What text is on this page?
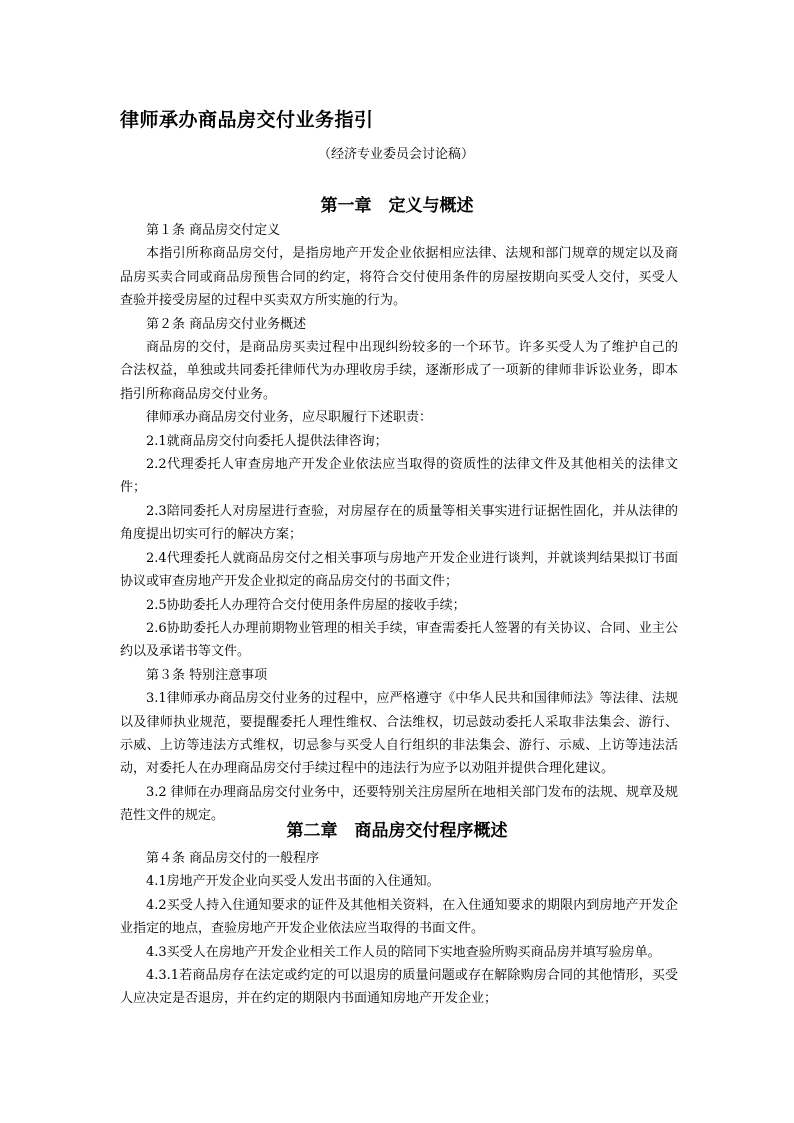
律师承办商品房交付业务指引
（经济专业委员会讨论稿）
第一章　定义与概述

第１条 商品房交付定义

本指引所称商品房交付，是指房地产开发企业依据相应法律、法规和部门规章的规定以及商品房买卖合同或商品房预售合同的约定，将符合交付使用条件的房屋按期向买受人交付，买受人查验并接受房屋的过程中买卖双方所实施的行为。

第２条 商品房交付业务概述

商品房的交付，是商品房买卖过程中出现纠纷较多的一个环节。许多买受人为了维护自己的合法权益，单独或共同委托律师代为办理收房手续，逐渐形成了一项新的律师非诉讼业务，即本指引所称商品房交付业务。

律师承办商品房交付业务，应尽职履行下述职责：

2.1就商品房交付向委托人提供法律咨询；

2.2代理委托人审查房地产开发企业依法应当取得的资质性的法律文件及其他相关的法律文件；

2.3陪同委托人对房屋进行查验，对房屋存在的质量等相关事实进行证据性固化，并从法律的角度提出切实可行的解决方案；

2.4代理委托人就商品房交付之相关事项与房地产开发企业进行谈判，并就谈判结果拟订书面协议或审查房地产开发企业拟定的商品房交付的书面文件；

2.5协助委托人办理符合交付使用条件房屋的接收手续；

2.6协助委托人办理前期物业管理的相关手续，审查需委托人签署的有关协议、合同、业主公约以及承诺书等文件。

第３条 特别注意事项

3.1律师承办商品房交付业务的过程中，应严格遵守《中华人民共和国律师法》等法律、法规以及律师执业规范，要提醒委托人理性维权、合法维权，切忌鼓动委托人采取非法集会、游行、示威、上访等违法方式维权，切忌参与买受人自行组织的非法集会、游行、示威、上访等违法活动，对委托人在办理商品房交付手续过程中的违法行为应予以劝阻并提供合理化建议。

3.2 律师在办理商品房交付业务中，还要特别关注房屋所在地相关部门发布的法规、规章及规范性文件的规定。

第二章　商品房交付程序概述

第４条 商品房交付的一般程序

4.1房地产开发企业向买受人发出书面的入住通知。

4.2买受人持入住通知要求的证件及其他相关资料，在入住通知要求的期限内到房地产开发企业指定的地点，查验房地产开发企业依法应当取得的书面文件。

4.3买受人在房地产开发企业相关工作人员的陪同下实地查验所购买商品房并填写验房单。

4.3.1若商品房存在法定或约定的可以退房的质量问题或存在解除购房合同的其他情形，买受人应决定是否退房，并在约定的期限内书面通知房地产开发企业；
